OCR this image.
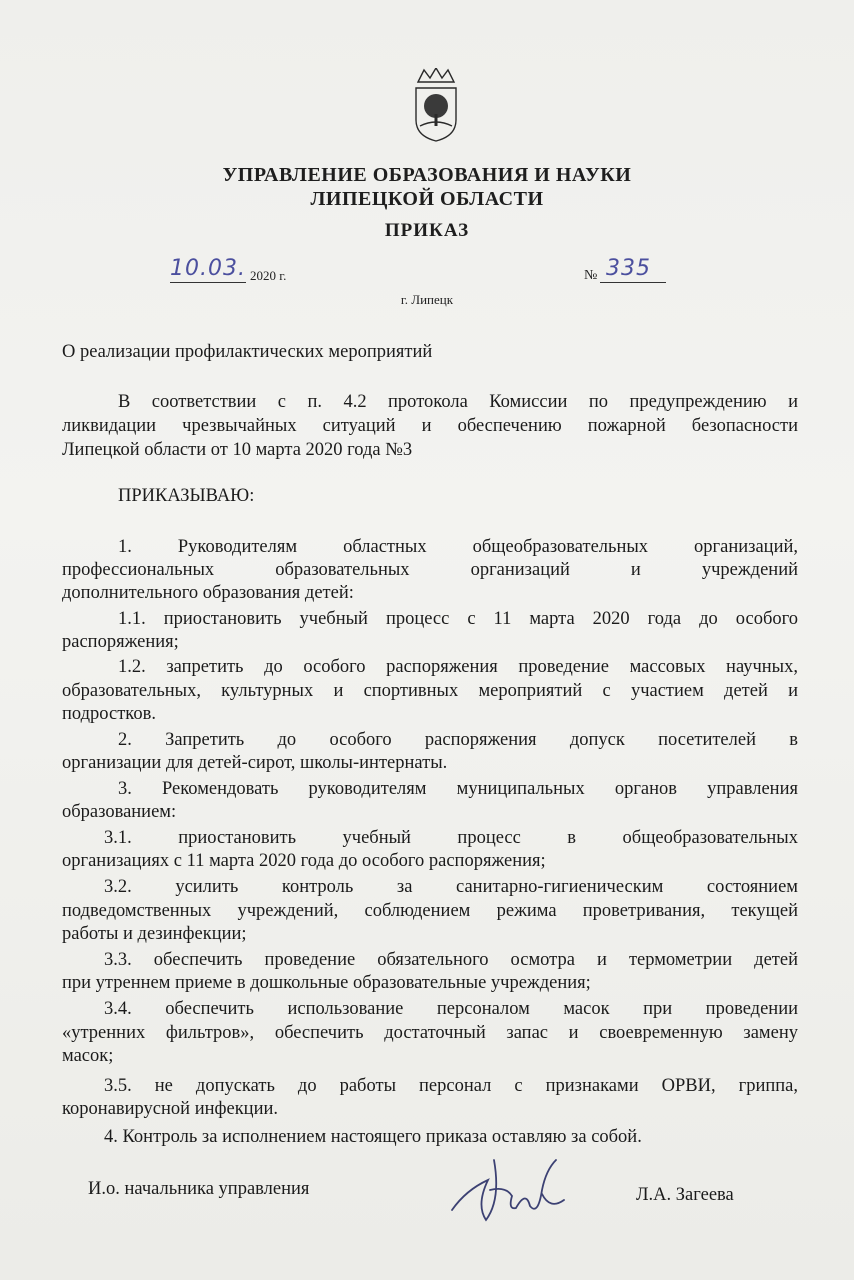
УПРАВЛЕНИЕ ОБРАЗОВАНИЯ И НАУКИ
ЛИПЕЦКОЙ ОБЛАСТИ
ПРИКАЗ
10.03. 2020 г.	№ 335
г. Липецк
О реализации профилактических мероприятий
В соответствии с п. 4.2 протокола Комиссии по предупреждению и
ликвидации чрезвычайных ситуаций и обеспечению пожарной безопасности
Липецкой области от 10 марта 2020 года №3
ПРИКАЗЫВАЮ:
1. Руководителям областных общеобразовательных организаций,
профессиональных образовательных организаций и учреждений
дополнительного образования детей:
1.1. приостановить учебный процесс с 11 марта 2020 года до особого
распоряжения;
1.2. запретить до особого распоряжения проведение массовых научных,
образовательных, культурных и спортивных мероприятий с участием детей и
подростков.
2. Запретить до особого распоряжения допуск посетителей в
организации для детей-сирот, школы-интернаты.
3. Рекомендовать руководителям муниципальных органов управления
образованием:
3.1. приостановить учебный процесс в общеобразовательных
организациях с 11 марта 2020 года до особого распоряжения;
3.2. усилить контроль за санитарно-гигиеническим состоянием
подведомственных учреждений, соблюдением режима проветривания, текущей
работы и дезинфекции;
3.3. обеспечить проведение обязательного осмотра и термометрии детей
при утреннем приеме в дошкольные образовательные учреждения;
3.4. обеспечить использование персоналом масок при проведении
«утренних фильтров», обеспечить достаточный запас и своевременную замену
масок;
3.5. не допускать до работы персонал с признаками ОРВИ, гриппа,
коронавирусной инфекции.
4. Контроль за исполнением настоящего приказа оставляю за собой.
И.о. начальника управления	Л.А. Загеева
